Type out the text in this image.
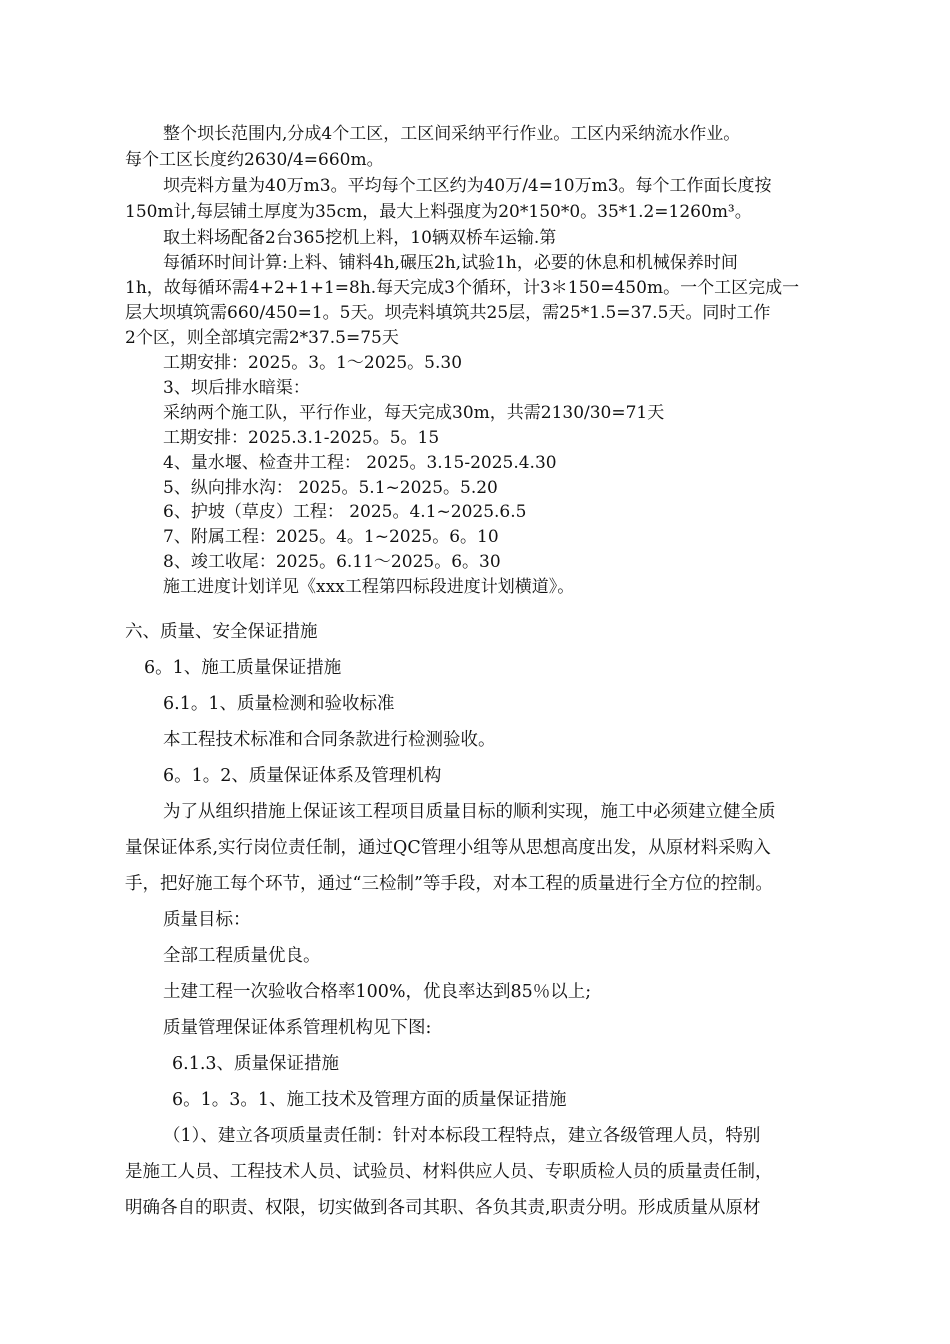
整个坝长范围内,分成4个工区，工区间采纳平行作业。工区内采纳流水作业。

每个工区长度约2630/4=660m。

坝壳料方量为40万m3。平均每个工区约为40万/4=10万m3。每个工作面长度按

150m计,每层铺土厚度为35cm，最大上料强度为20*150*0。35*1.2=1260m³。

取土料场配备2台365挖机上料，10辆双桥车运输.第

每循环时间计算:上料、铺料4h,碾压2h,试验1h，必要的休息和机械保养时间

1h，故每循环需4+2+1+1=8h.每天完成3个循环，计3＊150=450m。一个工区完成一

层大坝填筑需660/450=1。5天。坝壳料填筑共25层，需25*1.5=37.5天。同时工作

2个区，则全部填完需2*37.5=75天

工期安排：2025。3。1～2025。5.30

3、坝后排水暗渠：

采纳两个施工队，平行作业，每天完成30m，共需2130/30=71天

工期安排：2025.3.1-2025。5。15

4、量水堰、检查井工程： 2025。3.15-2025.4.30

5、纵向排水沟： 2025。5.1~2025。5.20

6、护坡（草皮）工程： 2025。4.1~2025.6.5

7、附属工程：2025。4。1~2025。6。10

8、竣工收尾：2025。6.11～2025。6。30

施工进度计划详见《xxx工程第四标段进度计划横道》。

六、质量、安全保证措施

6。1、施工质量保证措施

6.1。1、质量检测和验收标准

本工程技术标准和合同条款进行检测验收。

6。1。2、质量保证体系及管理机构

为了从组织措施上保证该工程项目质量目标的顺利实现，施工中必须建立健全质

量保证体系,实行岗位责任制，通过QC管理小组等从思想高度出发，从原材料采购入

手，把好施工每个环节，通过“三检制”等手段，对本工程的质量进行全方位的控制。

质量目标：

全部工程质量优良。

土建工程一次验收合格率100%，优良率达到85％以上;

质量管理保证体系管理机构见下图:

6.1.3、质量保证措施

6。1。3。1、施工技术及管理方面的质量保证措施

（1）、建立各项质量责任制：针对本标段工程特点，建立各级管理人员，特别

是施工人员、工程技术人员、试验员、材料供应人员、专职质检人员的质量责任制，

明确各自的职责、权限，切实做到各司其职、各负其责,职责分明。形成质量从原材
